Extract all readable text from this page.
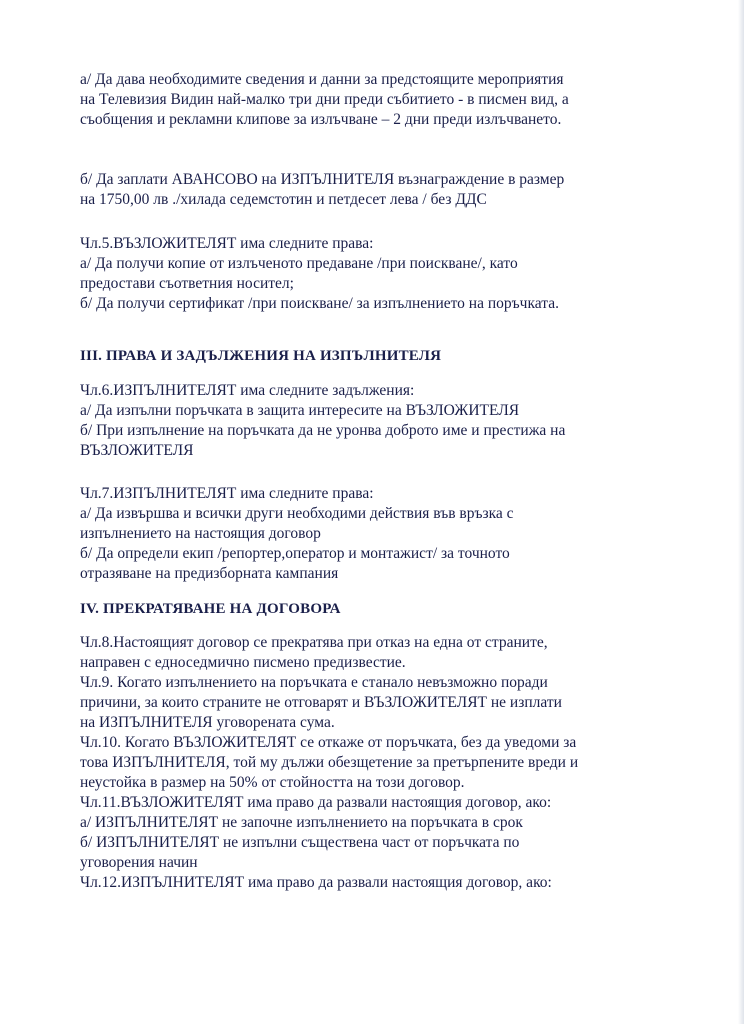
а/ Да дава необходимите сведения и данни за предстоящите мероприятия
на Телевизия Видин най-малко три дни преди събитието - в писмен вид, а
съобщения и рекламни клипове за излъчване – 2 дни преди излъчването.
б/ Да заплати АВАНСОВО на ИЗПЪЛНИТЕЛЯ възнаграждение в размер
на 1750,00 лв ./хилада седемстотин и петдесет лева / без ДДС
Чл.5.ВЪЗЛОЖИТЕЛЯТ има следните права:
а/ Да получи копие от излъченото предаване /при поискване/, като
предостави съответния носител;
б/ Да получи сертификат /при поискване/ за изпълнението на поръчката.
III. ПРАВА И ЗАДЪЛЖЕНИЯ НА ИЗПЪЛНИТЕЛЯ
Чл.6.ИЗПЪЛНИТЕЛЯТ има следните задължения:
а/ Да изпълни поръчката в защита интересите на ВЪЗЛОЖИТЕЛЯ
б/ При изпълнение на поръчката да не уронва доброто име и престижа на
ВЪЗЛОЖИТЕЛЯ
Чл.7.ИЗПЪЛНИТЕЛЯТ има следните права:
а/ Да извършва и всички други необходими действия във връзка с
изпълнението на настоящия договор
б/ Да определи екип /репортер,оператор и монтажист/ за точното
отразяване на предизборната кампания
IV. ПРЕКРАТЯВАНЕ НА ДОГОВОРА
Чл.8.Настоящият договор се прекратява при отказ на една от страните,
направен с едноседмично писмено предизвестие.
Чл.9. Когато изпълнението на поръчката е станало невъзможно поради
причини, за които страните не отговарят и ВЪЗЛОЖИТЕЛЯТ не изплати
на ИЗПЪЛНИТЕЛЯ уговорената сума.
Чл.10. Когато ВЪЗЛОЖИТЕЛЯТ се откаже от поръчката, без да уведоми за
това ИЗПЪЛНИТЕЛЯ, той му дължи обезщетение за претърпените вреди и
неустойка в размер на 50% от стойността на този договор.
Чл.11.ВЪЗЛОЖИТЕЛЯТ има право да развали настоящия договор, ако:
а/ ИЗПЪЛНИТЕЛЯТ не започне изпълнението на поръчката в срок
б/ ИЗПЪЛНИТЕЛЯТ не изпълни съществена част от поръчката по
уговорения начин
Чл.12.ИЗПЪЛНИТЕЛЯТ има право да развали настоящия договор, ако:
